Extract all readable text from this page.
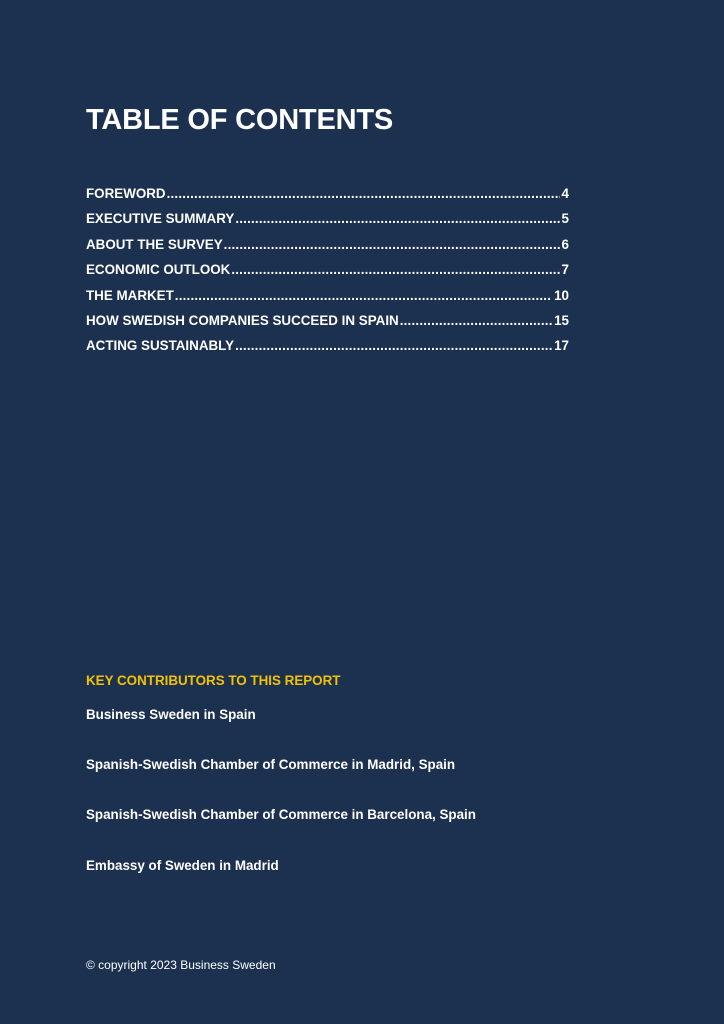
TABLE OF CONTENTS
FOREWORD .....	4
EXECUTIVE SUMMARY .....	5
ABOUT THE SURVEY .....	6
ECONOMIC OUTLOOK .....	7
THE MARKET .....	10
HOW SWEDISH COMPANIES SUCCEED IN SPAIN .....	15
ACTING SUSTAINABLY .....	17
KEY CONTRIBUTORS TO THIS REPORT
Business Sweden in Spain
Spanish-Swedish Chamber of Commerce in Madrid, Spain
Spanish-Swedish Chamber of Commerce in Barcelona, Spain
Embassy of Sweden in Madrid

© copyright 2023 Business Sweden
